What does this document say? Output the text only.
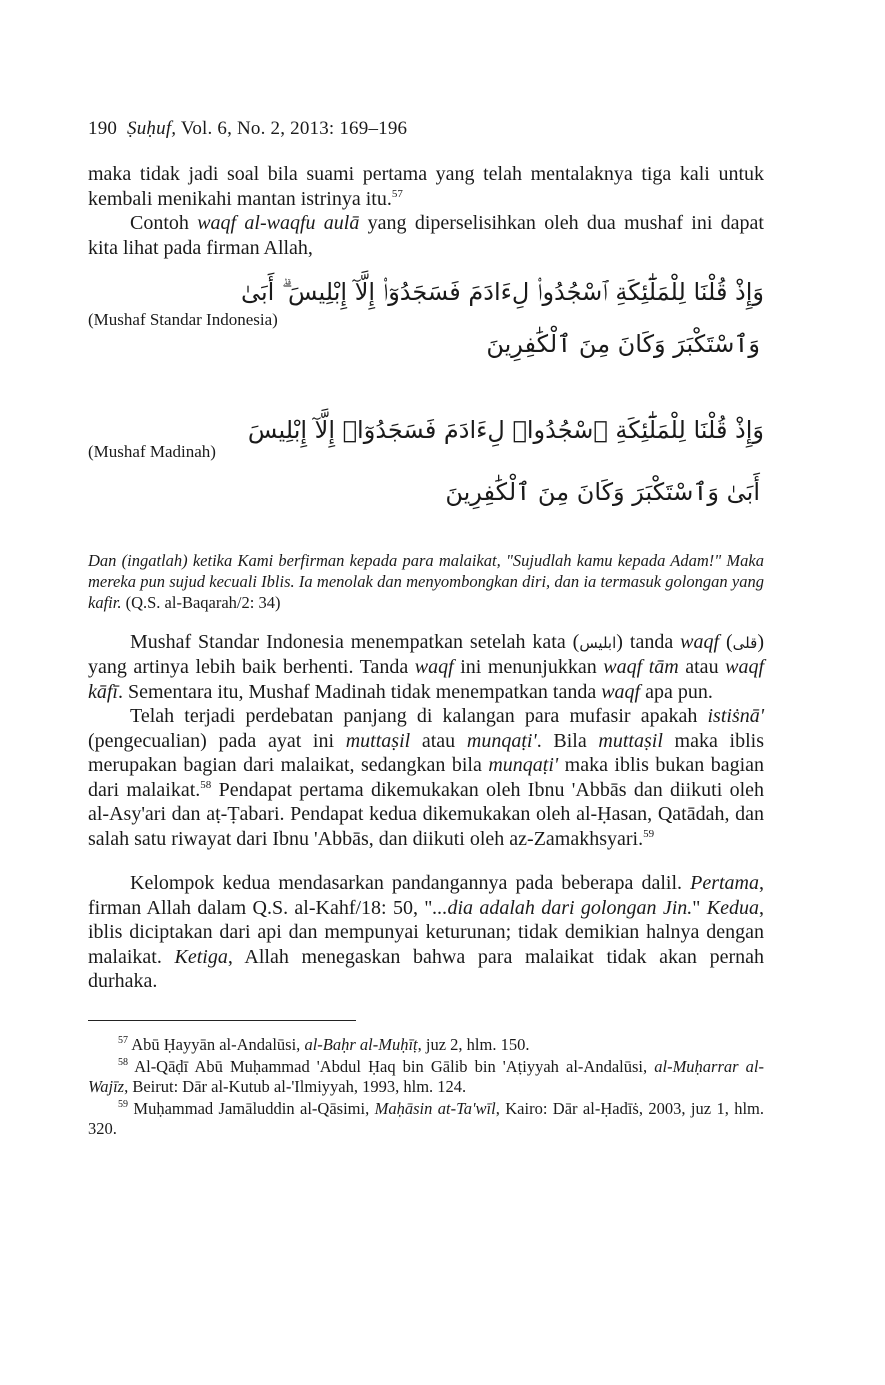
190 Ṣuḥuf, Vol. 6, No. 2, 2013: 169–196

maka tidak jadi soal bila suami pertama yang telah mentalaknya tiga kali untuk kembali menikahi mantan istrinya itu.$^{57}$

Contoh waqf al-waqfu aulā yang diperselisihkan oleh dua mushaf ini dapat kita lihat pada firman Allah,

(Mushaf Standar Indonesia)
وَإِذْ قُلْنَا لِلْمَلَٰٓئِكَةِ ٱسْجُدُوا۟ لِءَادَمَ فَسَجَدُوٓا۟ إِلَّآ إِبْلِيسَ ۗ أَبَىٰ
وَٱسْتَكْبَرَ وَكَانَ مِنَ ٱلْكَٰفِرِينَ
(Mushaf Madinah)
وَإِذْ قُلْنَا لِلْمَلَٰٓئِكَةِ ٱسْجُدُوا۟ لِءَادَمَ فَسَجَدُوٓا۟ إِلَّآ إِبْلِيسَ
أَبَىٰ وَٱسْتَكْبَرَ وَكَانَ مِنَ ٱلْكَٰفِرِينَ

Dan (ingatlah) ketika Kami berfirman kepada para malaikat, "Sujudlah kamu kepada Adam!" Maka mereka pun sujud kecuali Iblis. Ia menolak dan menyombongkan diri, dan ia termasuk golongan yang kafir. (Q.S. al-Baqarah/2: 34)

Mushaf Standar Indonesia menempatkan setelah kata (ابليس) tanda waqf (قلى) yang artinya lebih baik berhenti. Tanda waqf ini menunjukkan waqf tām atau waqf kāfī. Sementara itu, Mushaf Madinah tidak menempatkan tanda waqf apa pun.

Telah terjadi perdebatan panjang di kalangan para mufasir apakah istiṡnā' (pengecualian) pada ayat ini muttaṣil atau munqaṭi'. Bila muttaṣil maka iblis merupakan bagian dari malaikat, sedangkan bila munqaṭi' maka iblis bukan bagian dari malaikat.$^{58}$ Pendapat pertama dikemukakan oleh Ibnu 'Abbās dan diikuti oleh al-Asy'ari dan aṭ-Ṭabari. Pendapat kedua dikemukakan oleh al-Ḥasan, Qatādah, dan salah satu riwayat dari Ibnu 'Abbās, dan diikuti oleh az-Zamakhsyari.$^{59}$

Kelompok kedua mendasarkan pandangannya pada beberapa dalil. Pertama, firman Allah dalam Q.S. al-Kahf/18: 50, "...dia adalah dari golongan Jin." Kedua, iblis diciptakan dari api dan mempunyai keturunan; tidak demikian halnya dengan malaikat. Ketiga, Allah menegaskan bahwa para malaikat tidak akan pernah durhaka.

$^{57}$ Abū Ḥayyān al-Andalūsi, al-Baḥr al-Muḥīṭ, juz 2, hlm. 150.

$^{58}$ Al-Qāḍī Abū Muḥammad 'Abdul Ḥaq bin Gālib bin 'Aṭiyyah al-Andalūsi, al-Muḥarrar al-Wajīz, Beirut: Dār al-Kutub al-'Ilmiyyah, 1993, hlm. 124.

$^{59}$ Muḥammad Jamāluddin al-Qāsimi, Maḥāsin at-Ta'wīl, Kairo: Dār al-Ḥadīṡ, 2003, juz 1, hlm. 320.
